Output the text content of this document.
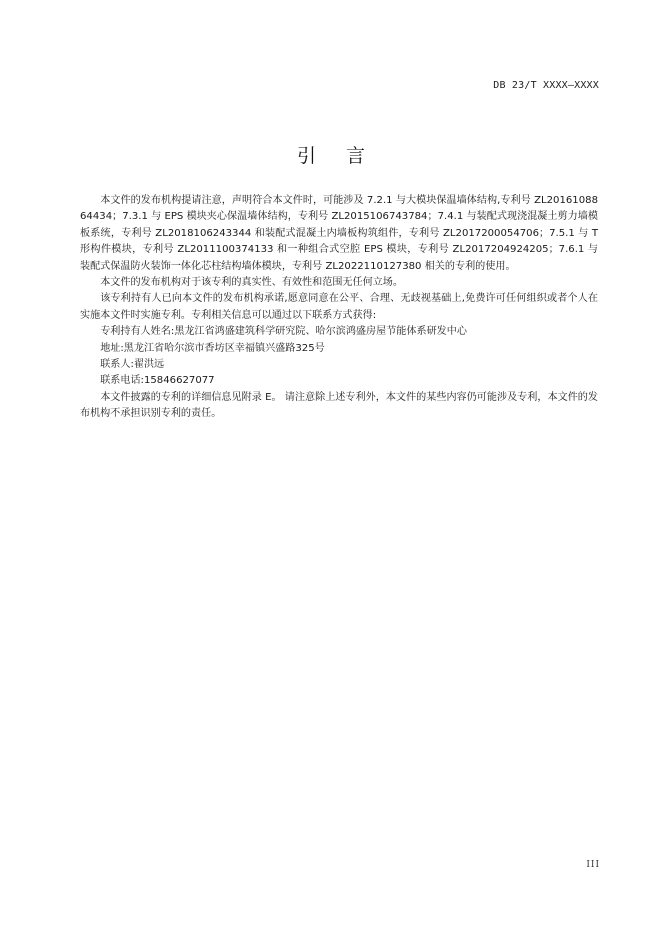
DB 23/T XXXX—XXXX
引言

本文件的发布机构提请注意，声明符合本文件时，可能涉及 7.2.1 与大模块保温墙体结构,专利号 ZL2016108864434；7.3.1 与 EPS 模块夹心保温墙体结构，专利号 ZL2015106743784；7.4.1 与装配式现浇混凝土剪力墙模板系统，专利号 ZL2018106243344 和装配式混凝土内墙板构筑组件，专利号 ZL2017200054706；7.5.1 与 T 形构件模块，专利号 ZL2011100374133 和一种组合式空腔 EPS 模块，专利号 ZL2017204924205；7.6.1 与装配式保温防火装饰一体化芯柱结构墙体模块，专利号 ZL2022110127380 相关的专利的使用。

本文件的发布机构对于该专利的真实性、有效性和范围无任何立场。

该专利持有人已向本文件的发布机构承诺,愿意同意在公平、合理、无歧视基础上,免费许可任何组织或者个人在实施本文件时实施专利。专利相关信息可以通过以下联系方式获得:

专利持有人姓名:黑龙江省鸿盛建筑科学研究院、哈尔滨鸿盛房屋节能体系研发中心

地址:黑龙江省哈尔滨市香坊区幸福镇兴盛路325号

联系人:翟洪远

联系电话:15846627077

本文件披露的专利的详细信息见附录 E。 请注意除上述专利外，本文件的某些内容仍可能涉及专利，本文件的发布机构不承担识别专利的责任。

III
